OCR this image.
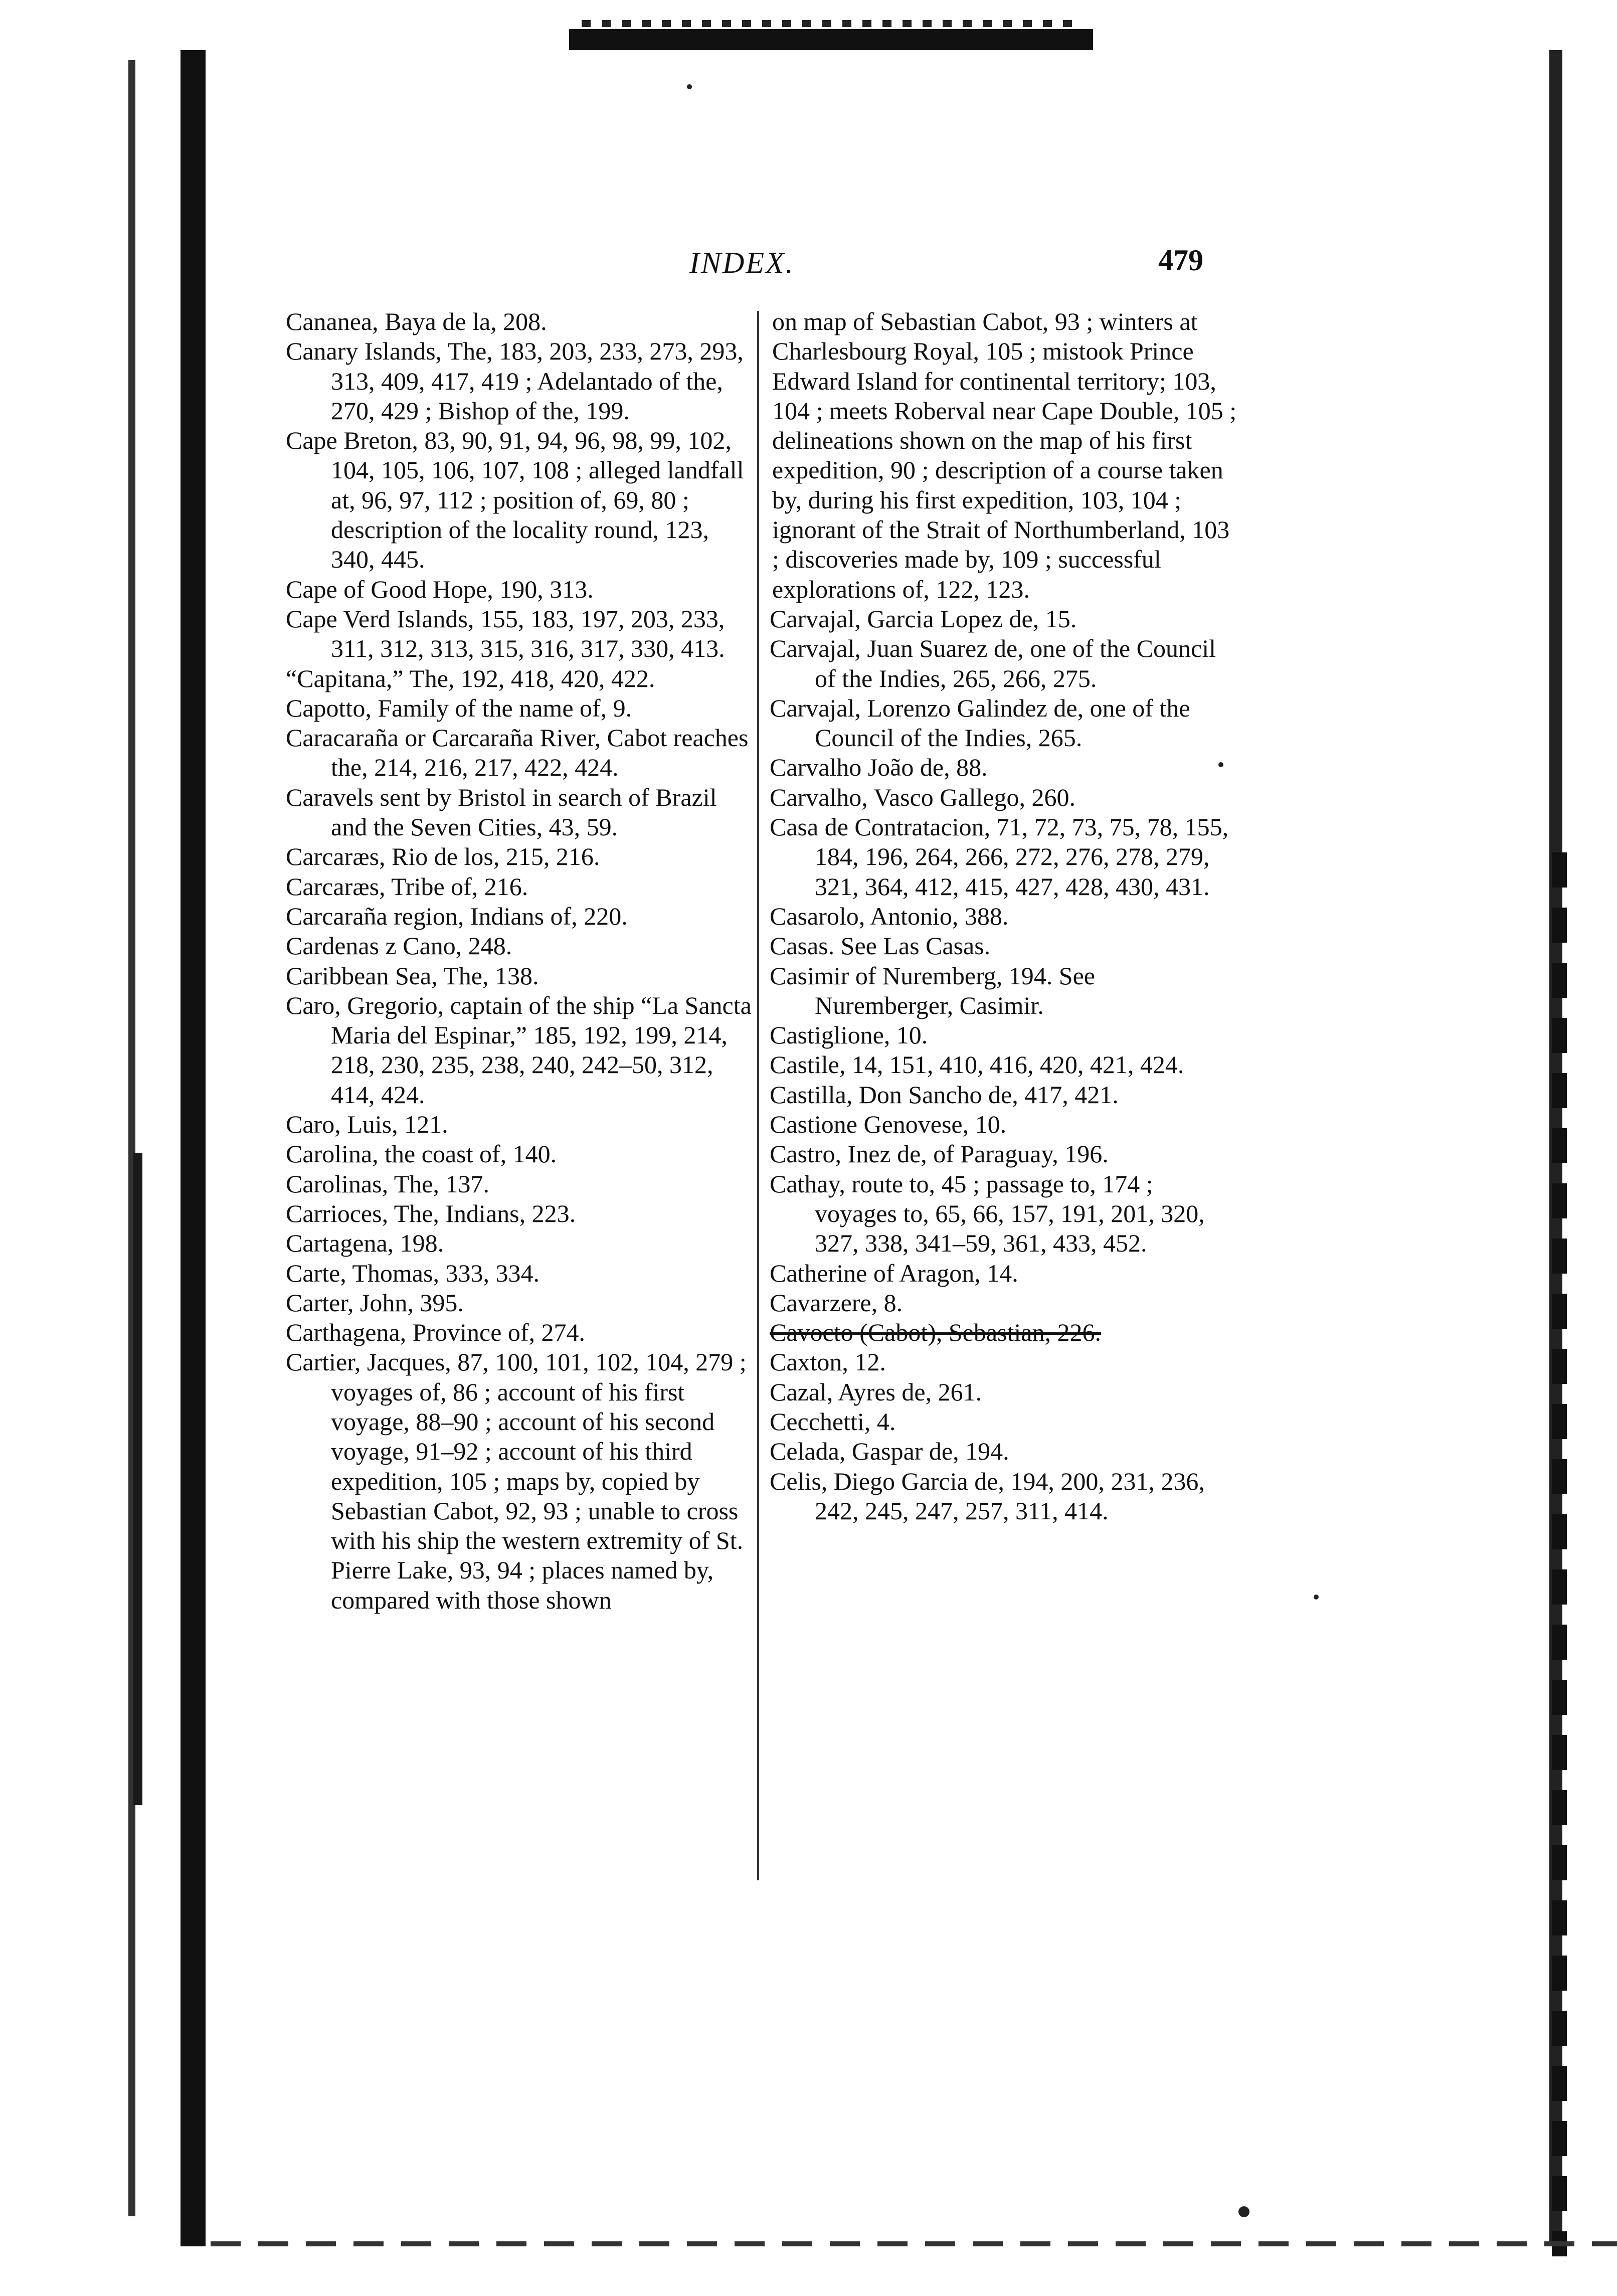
INDEX.	479

Cananea, Baya de la, 208.

Canary Islands, The, 183, 203, 233, 273, 293, 313, 409, 417, 419 ; Adelantado of the, 270, 429 ; Bishop of the, 199.

Cape Breton, 83, 90, 91, 94, 96, 98, 99, 102, 104, 105, 106, 107, 108 ; alleged landfall at, 96, 97, 112 ; position of, 69, 80 ; description of the locality round, 123, 340, 445.

Cape of Good Hope, 190, 313.

Cape Verd Islands, 155, 183, 197, 203, 233, 311, 312, 313, 315, 316, 317, 330, 413.

“Capitana,” The, 192, 418, 420, 422.

Capotto, Family of the name of, 9.

Caracaraña or Carcaraña River, Cabot reaches the, 214, 216, 217, 422, 424.

Caravels sent by Bristol in search of Brazil and the Seven Cities, 43, 59.

Carcaræs, Rio de los, 215, 216.

Carcaræs, Tribe of, 216.

Carcaraña region, Indians of, 220.

Cardenas z Cano, 248.

Caribbean Sea, The, 138.

Caro, Gregorio, captain of the ship “La Sancta Maria del Espinar,” 185, 192, 199, 214, 218, 230, 235, 238, 240, 242–50, 312, 414, 424.

Caro, Luis, 121.

Carolina, the coast of, 140.

Carolinas, The, 137.

Carrioces, The, Indians, 223.

Cartagena, 198.

Carte, Thomas, 333, 334.

Carter, John, 395.

Carthagena, Province of, 274.

Cartier, Jacques, 87, 100, 101, 102, 104, 279 ; voyages of, 86 ; account of his first voyage, 88–90 ; account of his second voyage, 91–92 ; account of his third expedition, 105 ; maps by, copied by Sebastian Cabot, 92, 93 ; unable to cross with his ship the western extremity of St. Pierre Lake, 93, 94 ; places named by, compared with those shown

on map of Sebastian Cabot, 93 ; winters at Charlesbourg Royal, 105 ; mistook Prince Edward Island for continental territory; 103, 104 ; meets Roberval near Cape Double, 105 ; delineations shown on the map of his first expedition, 90 ; description of a course taken by, during his first expedition, 103, 104 ; ignorant of the Strait of Northumberland, 103 ; discoveries made by, 109 ; successful explorations of, 122, 123.

Carvajal, Garcia Lopez de, 15.

Carvajal, Juan Suarez de, one of the Council of the Indies, 265, 266, 275.

Carvajal, Lorenzo Galindez de, one of the Council of the Indies, 265.

Carvalho João de, 88.

Carvalho, Vasco Gallego, 260.

Casa de Contratacion, 71, 72, 73, 75, 78, 155, 184, 196, 264, 266, 272, 276, 278, 279, 321, 364, 412, 415, 427, 428, 430, 431.

Casarolo, Antonio, 388.

Casas. See Las Casas.

Casimir of Nuremberg, 194. See Nuremberger, Casimir.

Castiglione, 10.

Castile, 14, 151, 410, 416, 420, 421, 424.

Castilla, Don Sancho de, 417, 421.

Castione Genovese, 10.

Castro, Inez de, of Paraguay, 196.

Cathay, route to, 45 ; passage to, 174 ; voyages to, 65, 66, 157, 191, 201, 320, 327, 338, 341–59, 361, 433, 452.

Catherine of Aragon, 14.

Cavarzere, 8.

Cavocto (Cabot), Sebastian, 226.

Caxton, 12.

Cazal, Ayres de, 261.

Cecchetti, 4.

Celada, Gaspar de, 194.

Celis, Diego Garcia de, 194, 200, 231, 236, 242, 245, 247, 257, 311, 414.
